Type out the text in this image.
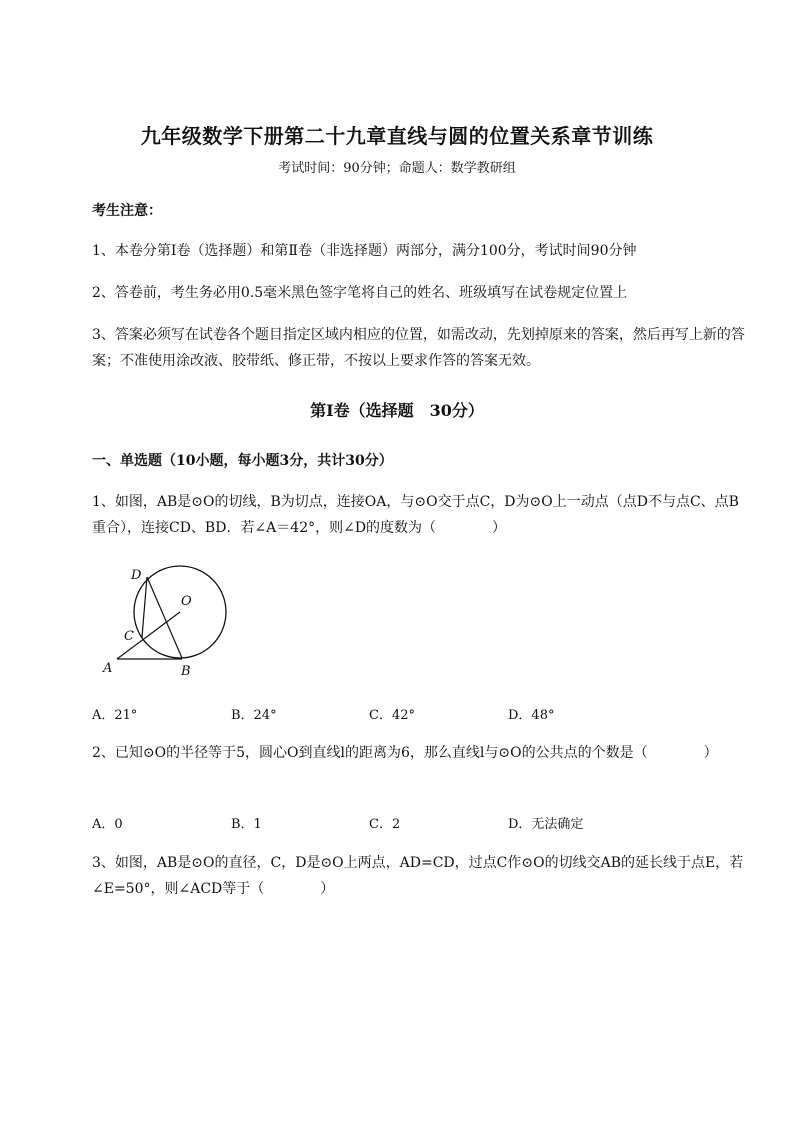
九年级数学下册第二十九章直线与圆的位置关系章节训练
考试时间：90分钟；命题人：数学教研组
考生注意：
1、本卷分第I卷（选择题）和第Ⅱ卷（非选择题）两部分，满分100分，考试时间90分钟
2、答卷前，考生务必用0.5毫米黑色签字笔将自己的姓名、班级填写在试卷规定位置上
3、答案必须写在试卷各个题目指定区域内相应的位置，如需改动，先划掉原来的答案，然后再写上新的答案；不准使用涂改液、胶带纸、修正带，不按以上要求作答的答案无效。
第I卷（选择题　30分）
一、单选题（10小题，每小题3分，共计30分）
1、如图，AB是⊙O的切线，B为切点，连接OA，与⊙O交于点C，D为⊙O上一动点（点D不与点C、点B重合），连接CD、BD．若∠A＝42°，则∠D的度数为（　　　　）
D
O
C
A	B
A．21°	B．24°	C．42°	D．48°
2、已知⊙O的半径等于5，圆心O到直线l的距离为6，那么直线l与⊙O的公共点的个数是（　　　　）
A．0	B．1	C．2	D．无法确定
3、如图，AB是⊙O的直径，C，D是⊙O上两点，AD=CD，过点C作⊙O的切线交AB的延长线于点E，若∠E=50°，则∠ACD等于（　　　　）
